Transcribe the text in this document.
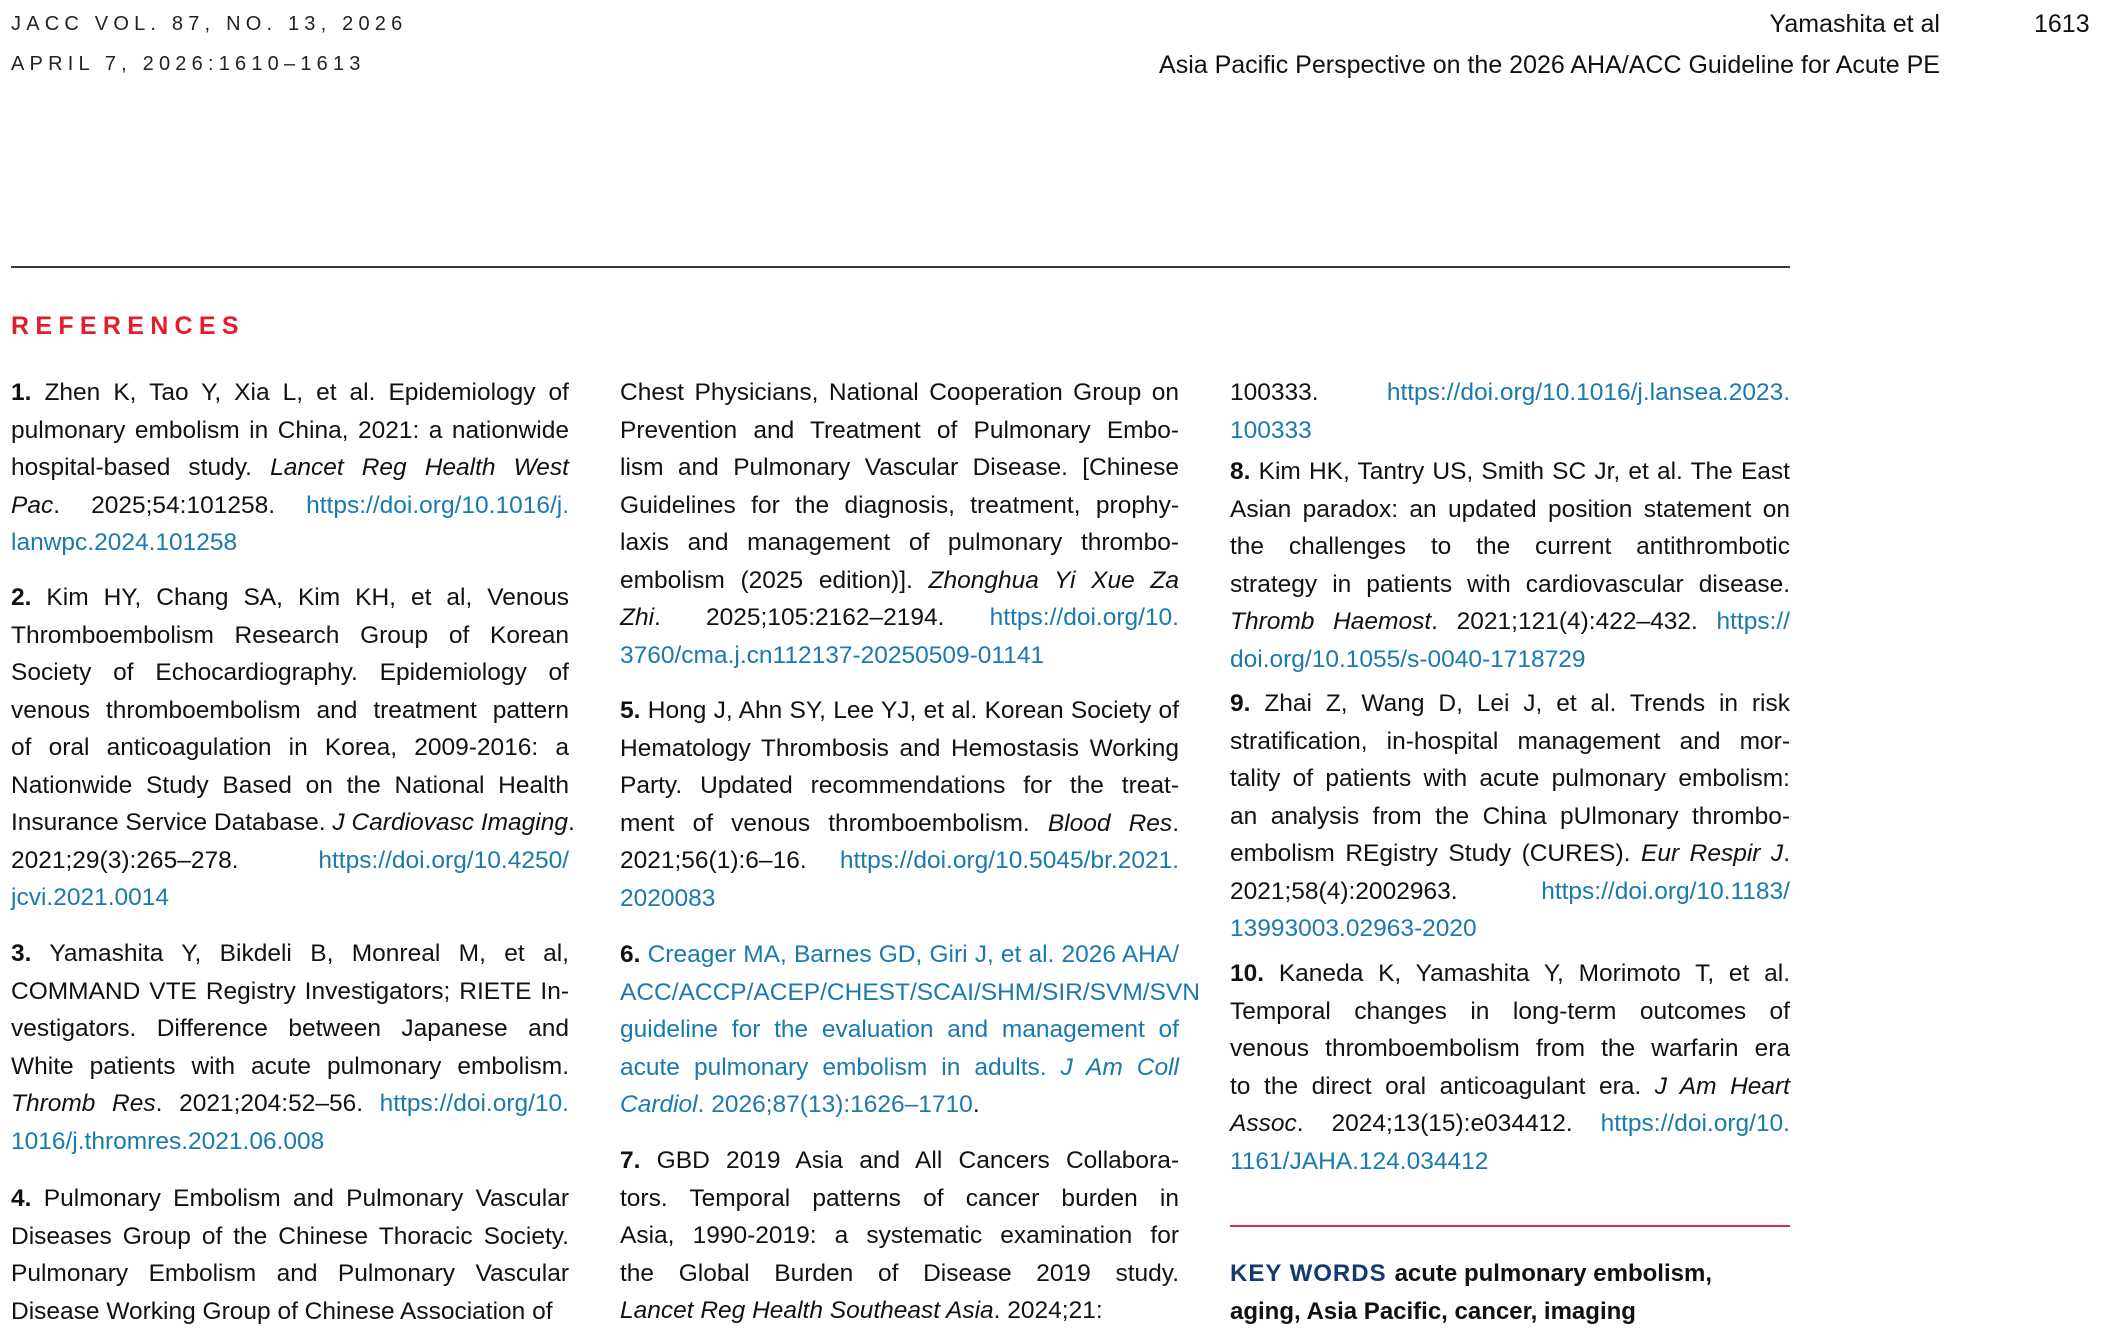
JACC VOL. 87, NO. 13, 2026
APRIL 7, 2026:1610–1613
Yamashita et al	1613
Asia Pacific Perspective on the 2026 AHA/ACC Guideline for Acute PE
REFERENCES
1. Zhen K, Tao Y, Xia L, et al. Epidemiology of
pulmonary embolism in China, 2021: a nationwide
hospital-based study. Lancet Reg Health West
Pac. 2025;54:101258. https://doi.org/10.1016/j.
lanwpc.2024.101258
2. Kim HY, Chang SA, Kim KH, et al, Venous
Thromboembolism Research Group of Korean
Society of Echocardiography. Epidemiology of
venous thromboembolism and treatment pattern
of oral anticoagulation in Korea, 2009-2016: a
Nationwide Study Based on the National Health
Insurance Service Database. J Cardiovasc Imaging.
2021;29(3):265–278. https://doi.org/10.4250/
jcvi.2021.0014
3. Yamashita Y, Bikdeli B, Monreal M, et al,
COMMAND VTE Registry Investigators; RIETE In-
vestigators. Difference between Japanese and
White patients with acute pulmonary embolism.
Thromb Res. 2021;204:52–56. https://doi.org/10.
1016/j.thromres.2021.06.008
4. Pulmonary Embolism and Pulmonary Vascular
Diseases Group of the Chinese Thoracic Society.
Pulmonary Embolism and Pulmonary Vascular
Disease Working Group of Chinese Association of
Chest Physicians, National Cooperation Group on
Prevention and Treatment of Pulmonary Embo-
lism and Pulmonary Vascular Disease. [Chinese
Guidelines for the diagnosis, treatment, prophy-
laxis and management of pulmonary thrombo-
embolism (2025 edition)]. Zhonghua Yi Xue Za
Zhi. 2025;105:2162–2194. https://doi.org/10.
3760/cma.j.cn112137-20250509-01141
5. Hong J, Ahn SY, Lee YJ, et al. Korean Society of
Hematology Thrombosis and Hemostasis Working
Party. Updated recommendations for the treat-
ment of venous thromboembolism. Blood Res.
2021;56(1):6–16. https://doi.org/10.5045/br.2021.
2020083
6. Creager MA, Barnes GD, Giri J, et al. 2026 AHA/
ACC/ACCP/ACEP/CHEST/SCAI/SHM/SIR/SVM/SVN
guideline for the evaluation and management of
acute pulmonary embolism in adults. J Am Coll
Cardiol. 2026;87(13):1626–1710.
7. GBD 2019 Asia and All Cancers Collabora-
tors. Temporal patterns of cancer burden in
Asia, 1990-2019: a systematic examination for
the Global Burden of Disease 2019 study.
Lancet Reg Health Southeast Asia. 2024;21:
100333. https://doi.org/10.1016/j.lansea.2023.
100333
8. Kim HK, Tantry US, Smith SC Jr, et al. The East
Asian paradox: an updated position statement on
the challenges to the current antithrombotic
strategy in patients with cardiovascular disease.
Thromb Haemost. 2021;121(4):422–432. https://
doi.org/10.1055/s-0040-1718729
9. Zhai Z, Wang D, Lei J, et al. Trends in risk
stratification, in-hospital management and mor-
tality of patients with acute pulmonary embolism:
an analysis from the China pUlmonary thrombo-
embolism REgistry Study (CURES). Eur Respir J.
2021;58(4):2002963. https://doi.org/10.1183/
13993003.02963-2020
10. Kaneda K, Yamashita Y, Morimoto T, et al.
Temporal changes in long-term outcomes of
venous thromboembolism from the warfarin era
to the direct oral anticoagulant era. J Am Heart
Assoc. 2024;13(15):e034412. https://doi.org/10.
1161/JAHA.124.034412
KEY WORDS acute pulmonary embolism,
aging, Asia Pacific, cancer, imaging
